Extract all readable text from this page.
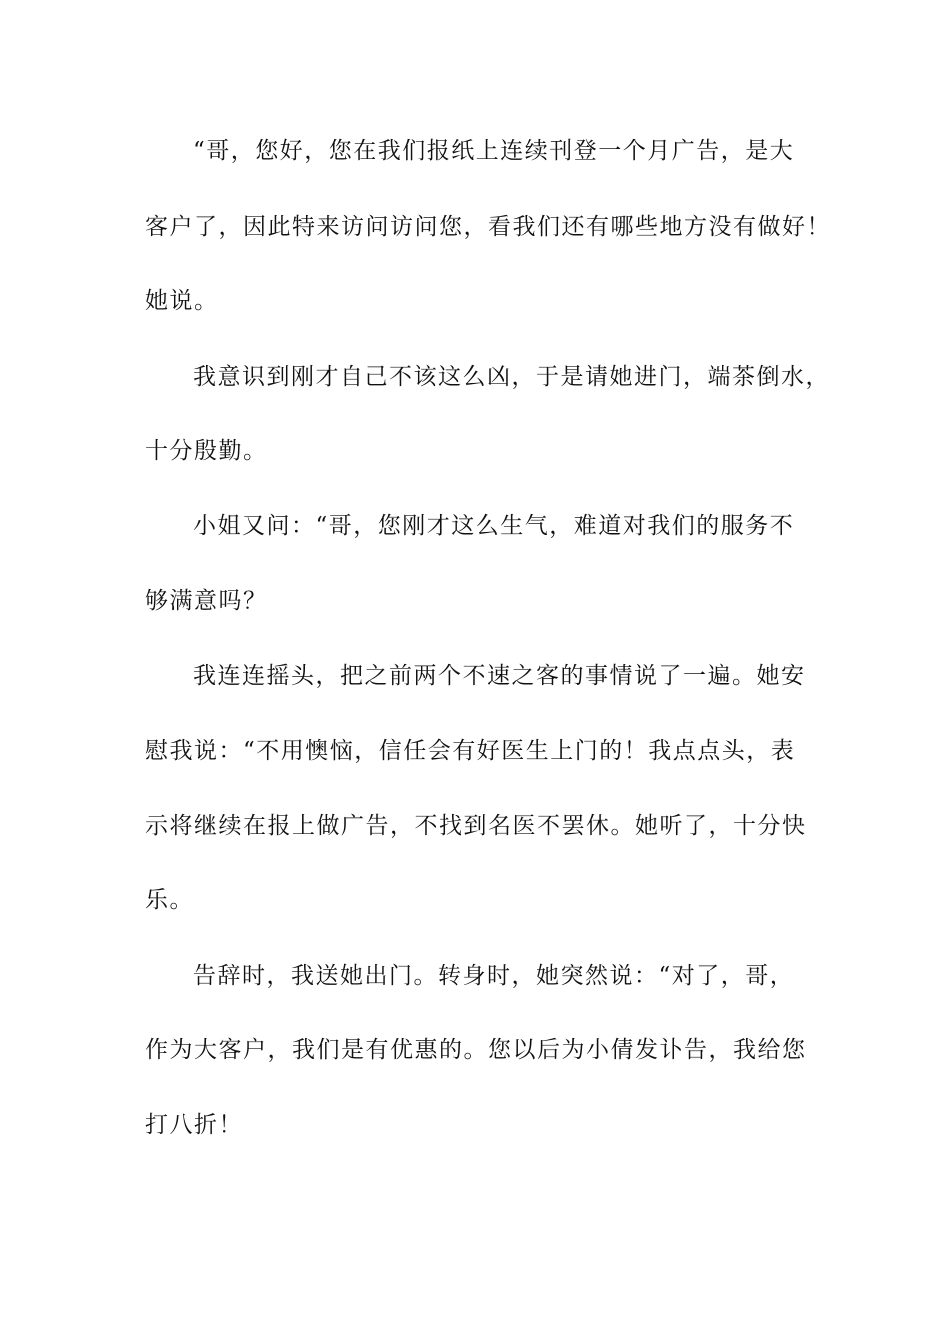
“哥，您好，您在我们报纸上连续刊登一个月广告，是大
客户了，因此特来访问访问您，看我们还有哪些地方没有做好！
她说。
我意识到刚才自己不该这么凶，于是请她进门，端茶倒水，
十分殷勤。
小姐又问：“哥，您刚才这么生气，难道对我们的服务不
够满意吗？
我连连摇头，把之前两个不速之客的事情说了一遍。她安
慰我说：“不用懊恼，信任会有好医生上门的！我点点头，表
示将继续在报上做广告，不找到名医不罢休。她听了，十分快
乐。
告辞时，我送她出门。转身时，她突然说：“对了，哥，
作为大客户，我们是有优惠的。您以后为小倩发讣告，我给您
打八折！
